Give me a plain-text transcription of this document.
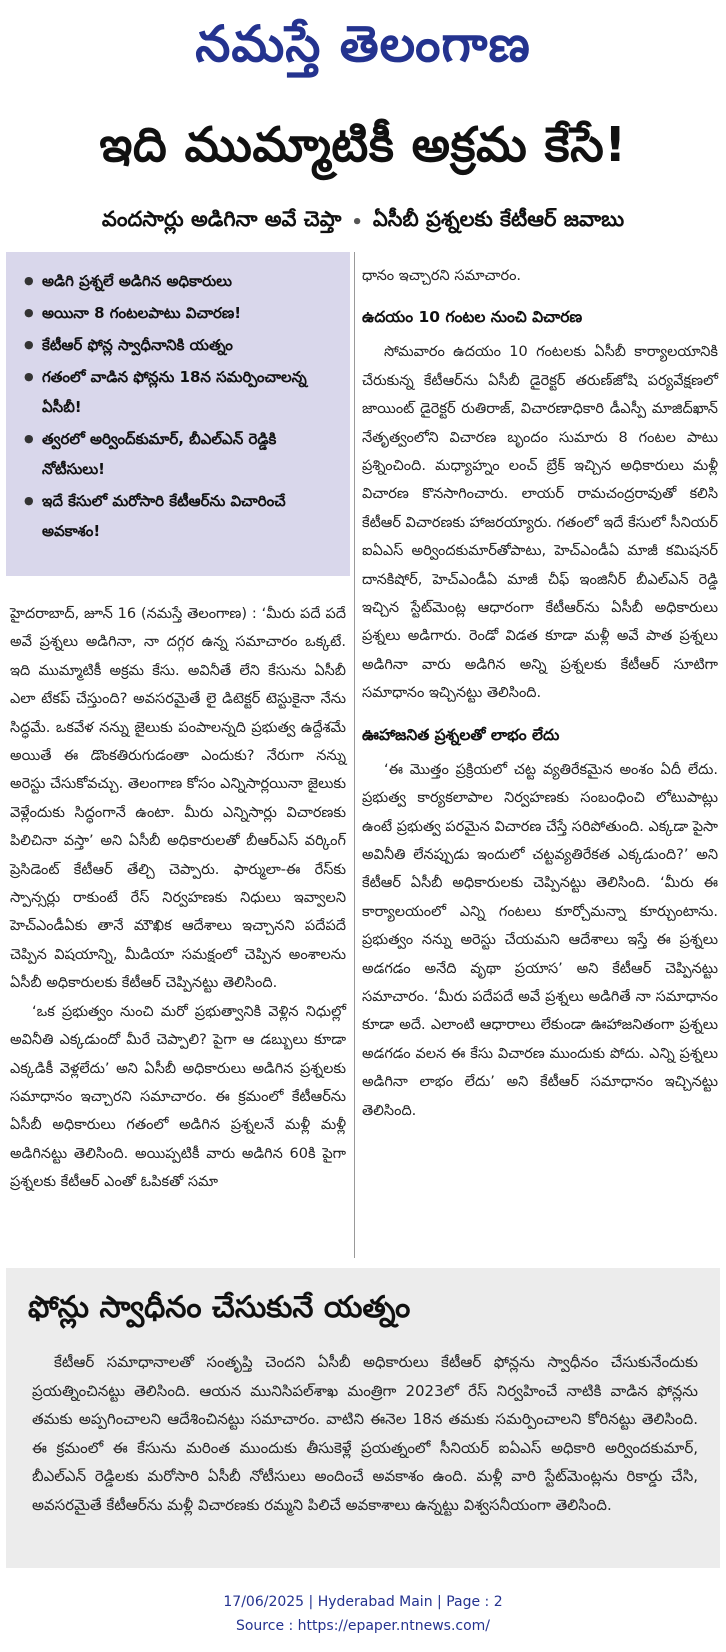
నమస్తే తెలంగాణ
ఇది ముమ్మాటికీ అక్రమ కేసే!
వందసార్లు అడిగినా అవే చెప్తా • ఏసీబీ ప్రశ్నలకు కేటీఆర్ జవాబు
● అడిగి ప్రశ్నలే అడిగిన అధికారులు
● అయినా 8 గంటలపాటు విచారణ!
● కేటీఆర్ ఫోన్ల స్వాధీనానికి యత్నం
● గతంలో వాడిన ఫోన్లను 18న సమర్పించాలన్న ఏసీబీ!
● త్వరలో అర్వింద్‌కుమార్, బీఎల్ఎన్ రెడ్డికి నోటీసులు!
● ఇదే కేసులో మరోసారి కేటీఆర్‌ను విచారించే అవకాశం!

హైదరాబాద్, జూన్ 16 (నమస్తే తెలంగాణ) : ‘మీరు పదే పదే అవే ప్రశ్నలు అడిగినా, నా దగ్గర ఉన్న సమాచారం ఒక్కటే. ఇది ముమ్మాటికీ అక్రమ కేసు. అవినీతే లేని కేసును ఏసీబీ ఎలా టేకప్ చేస్తుంది? అవసరమైతే లై డిటెక్టర్ టెస్టుకైనా నేను సిద్ధమే. ఒకవేళ నన్ను జైలుకు పంపాలన్నది ప్రభుత్వ ఉద్దేశమే అయితే ఈ డొంకతిరుగుడంతా ఎందుకు? నేరుగా నన్ను అరెస్టు చేసుకోవచ్చు. తెలంగాణ కోసం ఎన్నిసార్లయినా జైలుకు వెళ్లేందుకు సిద్ధంగానే ఉంటా. మీరు ఎన్నిసార్లు విచారణకు పిలిచినా వస్తా’ అని ఏసీబీ అధికారులతో బీఆర్ఎస్ వర్కింగ్ ప్రెసిడెంట్ కేటీఆర్ తేల్చి చెప్పారు. ఫార్ములా-ఈ రేస్‌కు స్పాన్సర్లు రాకుంటే రేస్ నిర్వహణకు నిధులు ఇవ్వాలని హెచ్ఎండీఏకు తానే మౌఖిక ఆదేశాలు ఇచ్చానని పదేపదే చెప్పిన విషయాన్ని, మీడియా సమక్షంలో చెప్పిన అంశాలను ఏసీబీ అధికారులకు కేటీఆర్ చెప్పినట్టు తెలిసింది.

‘ఒక ప్రభుత్వం నుంచి మరో ప్రభుత్వానికి వెళ్లిన నిధుల్లో అవినీతి ఎక్కడుందో మీరే చెప్పాలి? పైగా ఆ డబ్బులు కూడా ఎక్కడికీ వెళ్లలేదు’ అని ఏసీబీ అధికారులు అడిగిన ప్రశ్నలకు సమాధానం ఇచ్చారని సమాచారం. ఈ క్రమంలో కేటీఆర్‌ను ఏసీబీ అధికారులు గతంలో అడిగిన ప్రశ్నలనే మళ్లీ మళ్లీ అడిగినట్టు తెలిసింది. అయిప్పటికీ వారు అడిగిన 60కి పైగా ప్రశ్నలకు కేటీఆర్ ఎంతో ఓపికతో సమా

ధానం ఇచ్చారని సమాచారం.

ఉదయం 10 గంటల నుంచి విచారణ

సోమవారం ఉదయం 10 గంటలకు ఏసీబీ కార్యాలయానికి చేరుకున్న కేటీఆర్‌ను ఏసీబీ డైరెక్టర్ తరుణ్‌జోషి పర్యవేక్షణలో జాయింట్ డైరెక్టర్ రుతిరాజ్, విచారణాధికారి డీఎస్పీ మాజిద్‌ఖాన్ నేతృత్వంలోని విచారణ బృందం సుమారు 8 గంటల పాటు ప్రశ్నించింది. మధ్యాహ్నం లంచ్ బ్రేక్ ఇచ్చిన అధికారులు మళ్లీ విచారణ కొనసాగించారు. లాయర్ రామచంద్రరావుతో కలిసి కేటీఆర్ విచారణకు హాజరయ్యారు. గతంలో ఇదే కేసులో సీనియర్ ఐఏఎస్ అర్విందకుమార్‌తోపాటు, హెచ్ఎండీఏ మాజీ కమిషనర్ దానకిషోర్, హెచ్ఎండీఏ మాజీ చీఫ్ ఇంజినీర్ బీఎల్ఎన్ రెడ్డి ఇచ్చిన స్టేట్‌మెంట్ల ఆధారంగా కేటీఆర్‌ను ఏసీబీ అధికారులు ప్రశ్నలు అడిగారు. రెండో విడత కూడా మళ్లీ అవే పాత ప్రశ్నలు అడిగినా వారు అడిగిన అన్ని ప్రశ్నలకు కేటీఆర్ సూటిగా సమాధానం ఇచ్చినట్టు తెలిసింది.

ఊహాజనిత ప్రశ్నలతో లాభం లేదు

‘ఈ మొత్తం ప్రక్రియలో చట్ట వ్యతిరేకమైన అంశం ఏదీ లేదు. ప్రభుత్వ కార్యకలాపాల నిర్వహణకు సంబంధించి లోటుపాట్లు ఉంటే ప్రభుత్వ పరమైన విచారణ చేస్తే సరిపోతుంది. ఎక్కడా పైసా అవినీతి లేనప్పుడు ఇందులో చట్టవ్యతిరేకత ఎక్కడుంది?’ అని కేటీఆర్ ఏసీబీ అధికారులకు చెప్పినట్టు తెలిసింది. ‘మీరు ఈ కార్యాలయంలో ఎన్ని గంటలు కూర్చోమన్నా కూర్చుంటాను. ప్రభుత్వం నన్ను అరెస్టు చేయమని ఆదేశాలు ఇస్తే ఈ ప్రశ్నలు అడగడం అనేది వృథా ప్రయాస’ అని కేటీఆర్ చెప్పినట్టు సమాచారం. ‘మీరు పదేపదే అవే ప్రశ్నలు అడిగితే నా సమాధానం కూడా అదే. ఎలాంటి ఆధారాలు లేకుండా ఊహాజనితంగా ప్రశ్నలు అడగడం వలన ఈ కేసు విచారణ ముందుకు పోదు. ఎన్ని ప్రశ్నలు అడిగినా లాభం లేదు’ అని కేటీఆర్ సమాధానం ఇచ్చినట్టు తెలిసింది.

ఫోన్లు స్వాధీనం చేసుకునే యత్నం

కేటీఆర్ సమాధానాలతో సంతృప్తి చెందని ఏసీబీ అధికారులు కేటీఆర్ ఫోన్లను స్వాధీనం చేసుకునేందుకు ప్రయత్నించినట్టు తెలిసింది. ఆయన మునిసిపల్‌శాఖ మంత్రిగా 2023లో రేస్ నిర్వహించే నాటికి వాడిన ఫోన్లను తమకు అప్పగించాలని ఆదేశించినట్టు సమాచారం. వాటిని ఈనెల 18న తమకు సమర్పించాలని కోరినట్టు తెలిసింది. ఈ క్రమంలో ఈ కేసును మరింత ముందుకు తీసుకెళ్లే ప్రయత్నంలో సీనియర్ ఐఏఎస్ అధికారి అర్విందకుమార్, బీఎల్ఎన్ రెడ్డిలకు మరోసారి ఏసీబీ నోటీసులు అందించే అవకాశం ఉంది. మళ్లీ వారి స్టేట్‌మెంట్లను రికార్డు చేసి, అవసరమైతే కేటీఆర్‌ను మళ్లీ విచారణకు రమ్మని పిలిచే అవకాశాలు ఉన్నట్టు విశ్వసనీయంగా తెలిసింది.

17/06/2025 | Hyderabad Main | Page : 2
Source : https://epaper.ntnews.com/
